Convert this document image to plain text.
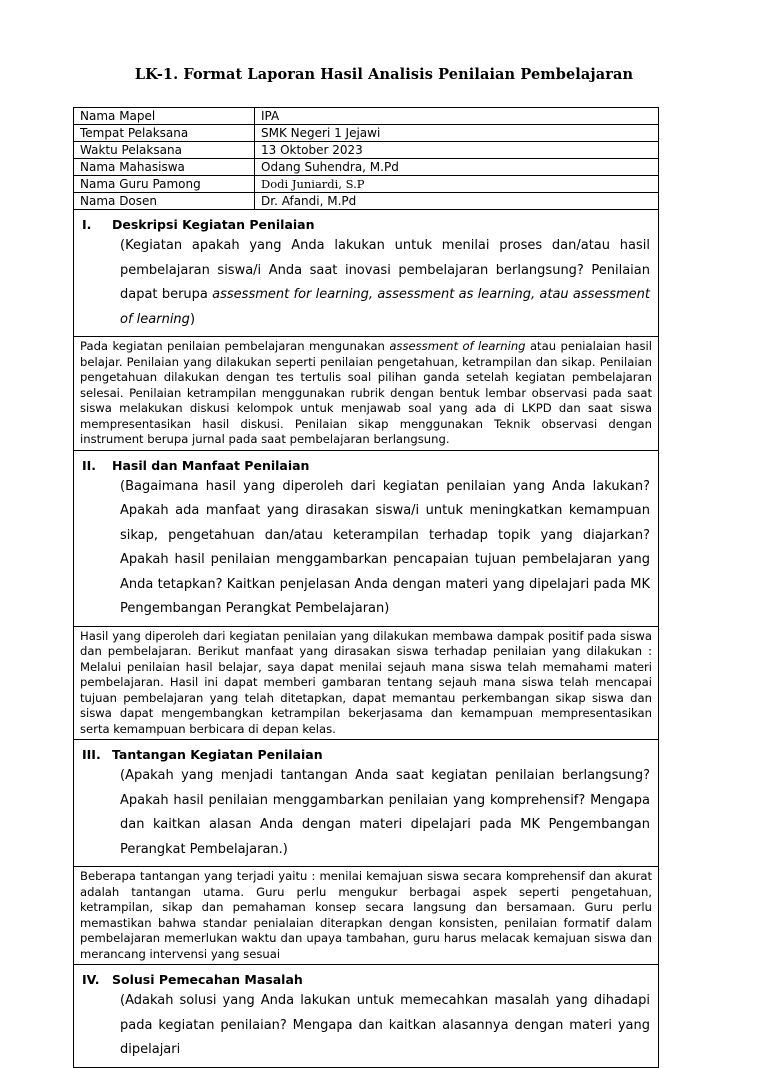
LK-1. Format Laporan Hasil Analisis Penilaian Pembelajaran
Nama Mapel	IPA
Tempat Pelaksana	SMK Negeri 1 Jejawi
Waktu Pelaksana	13 Oktober 2023
Nama Mahasiswa	Odang Suhendra, M.Pd
Nama Guru Pamong	Dodi Juniardi, S.P
Nama Dosen	Dr. Afandi, M.Pd
I.	Deskripsi Kegiatan Penilaian
(Kegiatan apakah yang Anda lakukan untuk menilai proses dan/atau hasil pembelajaran siswa/i Anda saat inovasi pembelajaran berlangsung? Penilaian dapat berupa assessment for learning, assessment as learning, atau assessment of learning)
Pada kegiatan penilaian pembelajaran mengunakan assessment of learning atau penialaian hasil belajar. Penilaian yang dilakukan seperti penilaian pengetahuan, ketrampilan dan sikap. Penilaian pengetahuan dilakukan dengan tes tertulis soal pilihan ganda setelah kegiatan pembelajaran selesai. Penilaian ketrampilan menggunakan rubrik dengan bentuk lembar observasi pada saat siswa melakukan diskusi kelompok untuk menjawab soal yang ada di LKPD dan saat siswa mempresentasikan hasil diskusi. Penilaian sikap menggunakan Teknik observasi dengan instrument berupa jurnal pada saat pembelajaran berlangsung.
II.	Hasil dan Manfaat Penilaian
(Bagaimana hasil yang diperoleh dari kegiatan penilaian yang Anda lakukan? Apakah ada manfaat yang dirasakan siswa/i untuk meningkatkan kemampuan sikap, pengetahuan dan/atau keterampilan terhadap topik yang diajarkan? Apakah hasil penilaian menggambarkan pencapaian tujuan pembelajaran yang Anda tetapkan? Kaitkan penjelasan Anda dengan materi yang dipelajari pada MK Pengembangan Perangkat Pembelajaran)
Hasil yang diperoleh dari kegiatan penilaian yang dilakukan membawa dampak positif pada siswa dan pembelajaran. Berikut manfaat yang dirasakan siswa terhadap penilaian yang dilakukan : Melalui penilaian hasil belajar, saya dapat menilai sejauh mana siswa telah memahami materi pembelajaran. Hasil ini dapat memberi gambaran tentang sejauh mana siswa telah mencapai tujuan pembelajaran yang telah ditetapkan, dapat memantau perkembangan sikap siswa dan siswa dapat mengembangkan ketrampilan bekerjasama dan kemampuan mempresentasikan serta kemampuan berbicara di depan kelas.
III. Tantangan Kegiatan Penilaian
(Apakah yang menjadi tantangan Anda saat kegiatan penilaian berlangsung? Apakah hasil penilaian menggambarkan penilaian yang komprehensif? Mengapa dan kaitkan alasan Anda dengan materi dipelajari pada MK Pengembangan Perangkat Pembelajaran.)
Beberapa tantangan yang terjadi yaitu : menilai kemajuan siswa secara komprehensif dan akurat adalah tantangan utama. Guru perlu mengukur berbagai aspek seperti pengetahuan, ketrampilan, sikap dan pemahaman konsep secara langsung dan bersamaan. Guru perlu memastikan bahwa standar penialaian diterapkan dengan konsisten, penilaian formatif dalam pembelajaran memerlukan waktu dan upaya tambahan, guru harus melacak kemajuan siswa dan merancang intervensi yang sesuai
IV.	Solusi Pemecahan Masalah
(Adakah solusi yang Anda lakukan untuk memecahkan masalah yang dihadapi pada kegiatan penilaian? Mengapa dan kaitkan alasannya dengan materi yang dipelajari
